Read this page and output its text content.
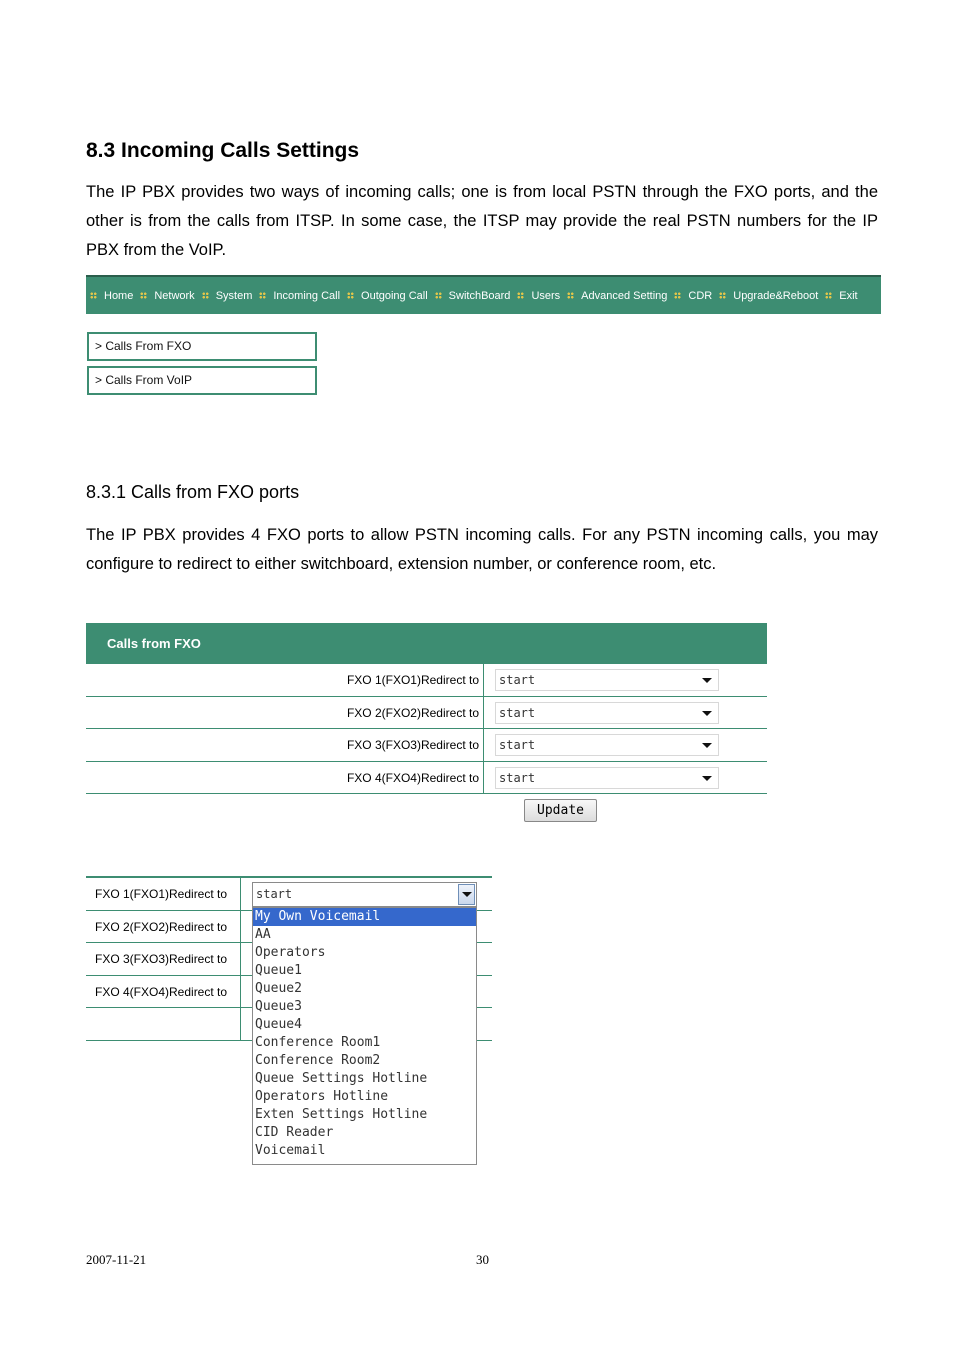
8.3 Incoming Calls Settings
The IP PBX provides two ways of incoming calls; one is from local PSTN through the FXO ports, and the other is from the calls from ITSP. In some case, the ITSP may provide the real PSTN numbers for the IP PBX from the VoIP.
Home Network System Incoming Call Outgoing Call SwitchBoard Users Advanced Setting CDR Upgrade&Reboot Exit
> Calls From FXO
> Calls From VoIP
8.3.1 Calls from FXO ports
The IP PBX provides 4 FXO ports to allow PSTN incoming calls. For any PSTN incoming calls, you may configure to redirect to either switchboard, extension number, or conference room, etc.
Calls from FXO
FXO 1(FXO1)Redirect to	start
FXO 2(FXO2)Redirect to	start
FXO 3(FXO3)Redirect to	start
FXO 4(FXO4)Redirect to	start
Update
FXO 1(FXO1)Redirect to
FXO 2(FXO2)Redirect to
FXO 3(FXO3)Redirect to
FXO 4(FXO4)Redirect to
start
My Own Voicemail
AA
Operators
Queue1
Queue2
Queue3
Queue4
Conference Room1
Conference Room2
Queue Settings Hotline
Operators Hotline
Exten Settings Hotline
CID Reader
Voicemail
2007-11-21	30
